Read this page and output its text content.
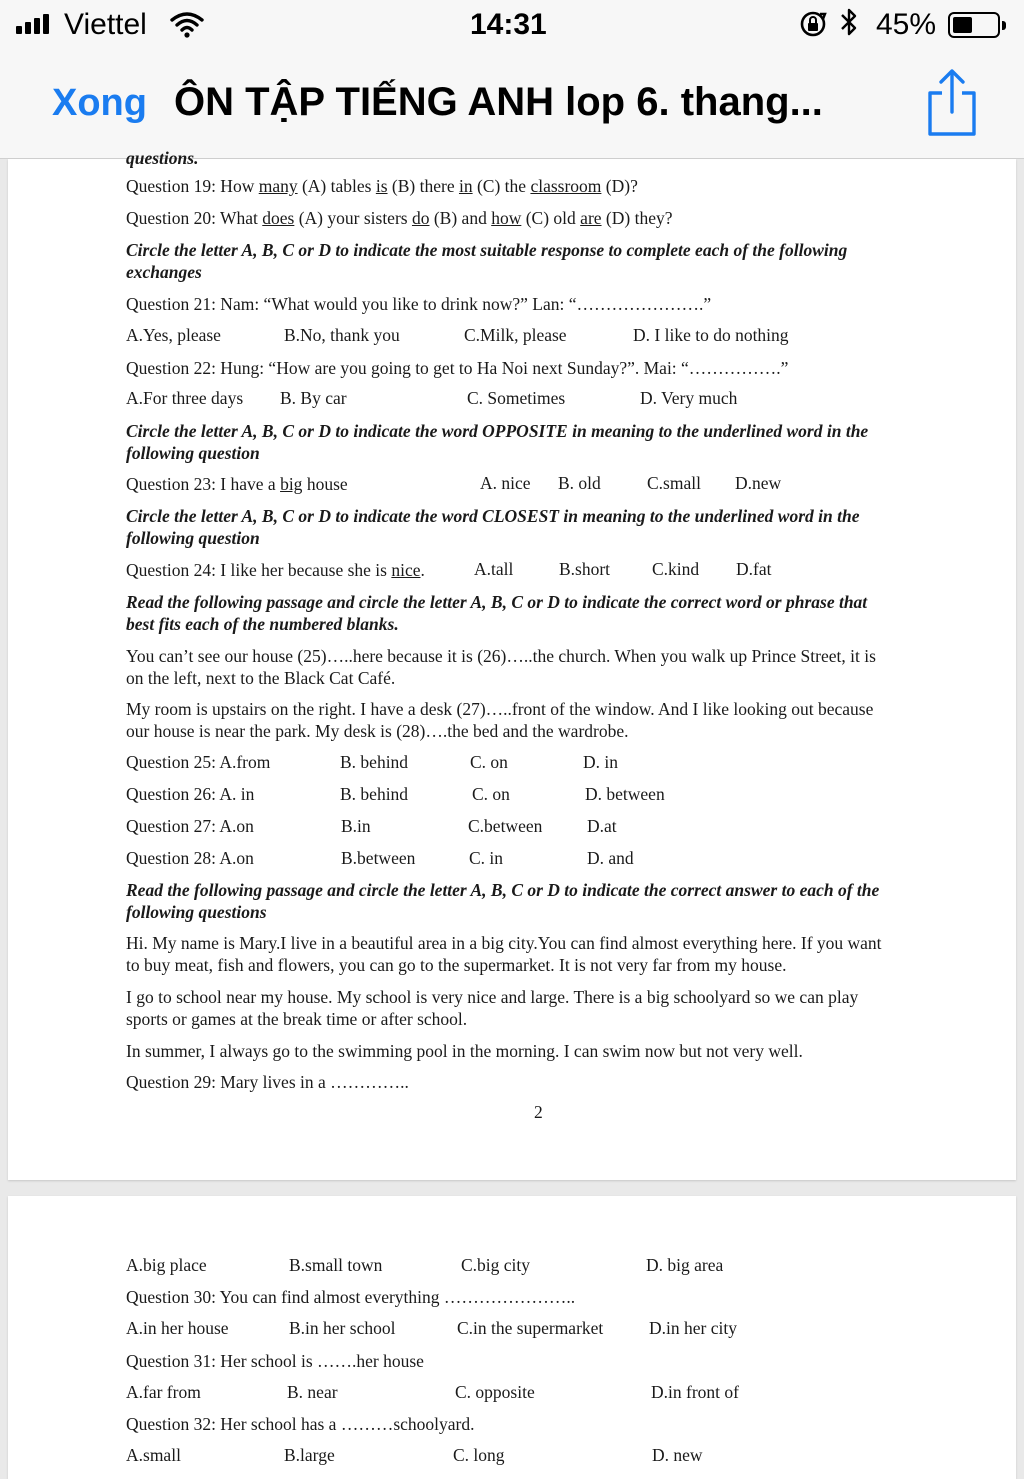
Viettel	14:31	45%
Xong ÔN TẬP TIẾNG ANH lop 6. thang...
questions.
Question 19: How many (A) tables is (B) there in (C) the classroom (D)?
Question 20: What does (A) your sisters do (B) and how (C) old are (D) they?
Circle the letter A, B, C or D to indicate the most suitable response to complete each of the following
exchanges
Question 21: Nam: “What would you like to drink now?” Lan: “………………….”
A.Yes, please	B.No, thank you	C.Milk, please	D. I like to do nothing
Question 22: Hung: “How are you going to get to Ha Noi next Sunday?”. Mai: “…………….”
A.For three days B. By car	C. Sometimes	D. Very much
Circle the letter A, B, C or D to indicate the word OPPOSITE in meaning to the underlined word in the
following question
Question 23: I have a big house	A. nice B. old	C.small D.new
Circle the letter A, B, C or D to indicate the word CLOSEST in meaning to the underlined word in the
following question
Question 24: I like her because she is nice.	A.tall	B.short C.kind D.fat
Read the following passage and circle the letter A, B, C or D to indicate the correct word or phrase that
best fits each of the numbered blanks.
You can’t see our house (25)…..here because it is (26)…..the church. When you walk up Prince Street, it is
on the left, next to the Black Cat Café.
My room is upstairs on the right. I have a desk (27)…..front of the window. And I like looking out because
our house is near the park. My desk is (28)….the bed and the wardrobe.
Question 25: A.from	B. behind	C. on	D. in
Question 26: A. in	B. behind	C. on	D. between
Question 27: A.on	B.in	C.between	D.at
Question 28: A.on	B.between	C. in	D. and
Read the following passage and circle the letter A, B, C or D to indicate the correct answer to each of the
following questions
Hi. My name is Mary.I live in a beautiful area in a big city.You can find almost everything here. If you want
to buy meat, fish and flowers, you can go to the supermarket. It is not very far from my house.
I go to school near my house. My school is very nice and large. There is a big schoolyard so we can play
sports or games at the break time or after school.
In summer, I always go to the swimming pool in the morning. I can swim now but not very well.
Question 29: Mary lives in a …………..
2
A.big place	B.small town	C.big city	D. big area
Question 30: You can find almost everything …………………..
A.in her house	B.in her school	C.in the supermarket	D.in her city
Question 31: Her school is …….her house
A.far from	B. near	C. opposite	D.in front of
Question 32: Her school has a ………schoolyard.
A.small	B.large	C. long	D. new
